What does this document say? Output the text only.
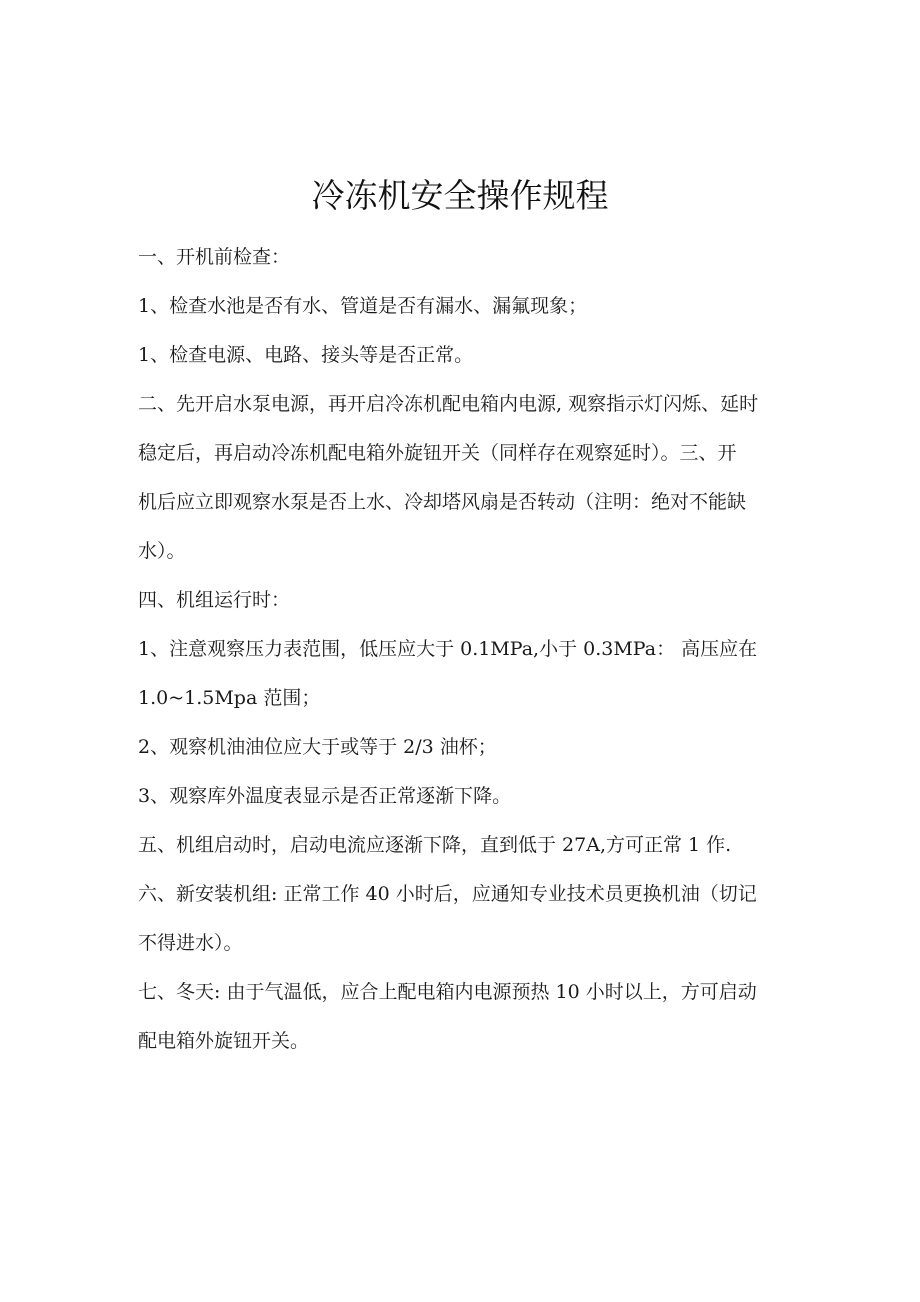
冷冻机安全操作规程
一、开机前检查：
1、检查水池是否有水、管道是否有漏水、漏氟现象；
1、检查电源、电路、接头等是否正常。
二、先开启水泵电源，再开启冷冻机配电箱内电源, 观察指示灯闪烁、延时
稳定后，再启动冷冻机配电箱外旋钮开关（同样存在观察延时）。三、开
机后应立即观察水泵是否上水、冷却塔风扇是否转动（注明：绝对不能缺
水）。
四、机组运行时：
1、注意观察压力表范围，低压应大于 0.1MPa,小于 0.3MPa： 高压应在
1.0~1.5Mpa 范围；
2、观察机油油位应大于或等于 2/3 油杯；
3、观察库外温度表显示是否正常逐渐下降。
五、机组启动时，启动电流应逐渐下降，直到低于 27A,方可正常 1 作.
六、新安装机组: 正常工作 40 小时后，应通知专业技术员更换机油（切记
不得进水）。
七、冬天: 由于气温低，应合上配电箱内电源预热 10 小时以上，方可启动
配电箱外旋钮开关。
